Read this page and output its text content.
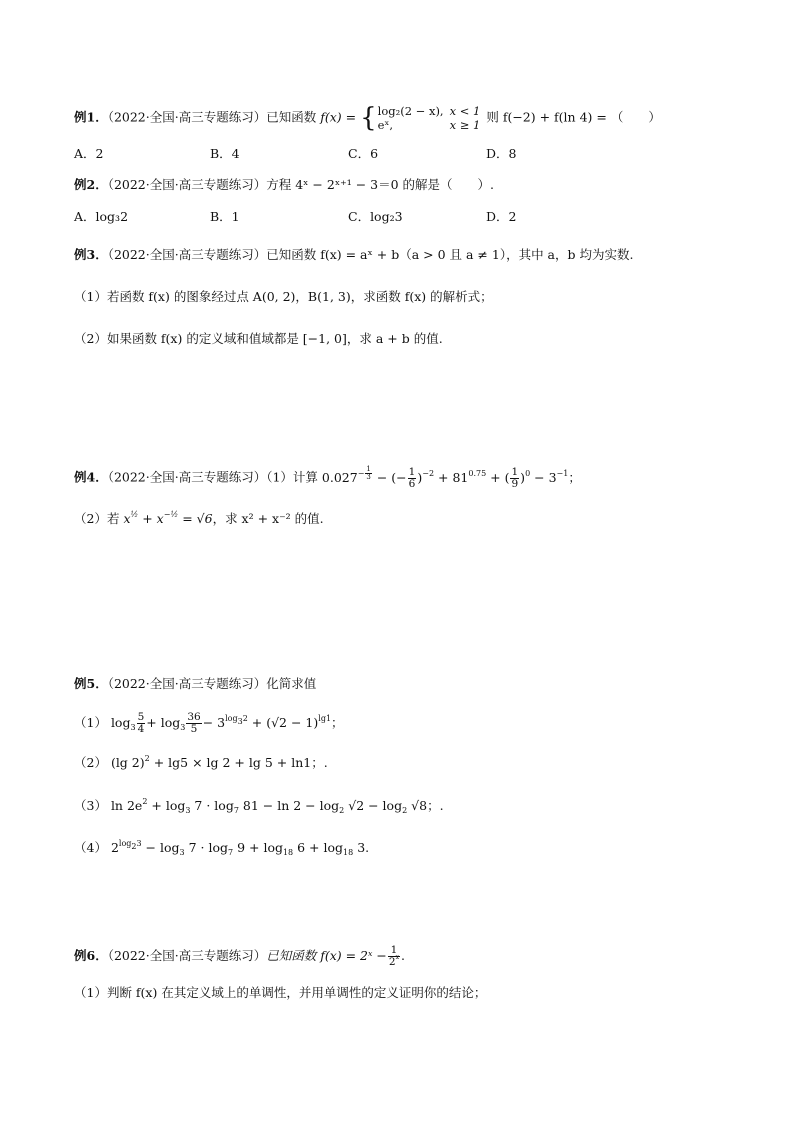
例1．（2022·全国·高三专题练习）已知函数 f(x) = { log₂(2 − x),	x < 1
eˣ,	x ≥ 1
则 f(−2) + f(ln 4) = （　　）
A．2	B．4	C．6	D．8
例2．（2022·全国·高三专题练习）方程 4ˣ − 2ˣ⁺¹ − 3＝0 的解是（　　）.
A．log₃2	B．1	C．log₂3	D．2
例3．（2022·全国·高三专题练习）已知函数 f(x) = aˣ + b（a > 0 且 a ≠ 1），其中 a，b 均为实数.
（1）若函数 f(x) 的图象经过点 A(0, 2)，B(1, 3)，求函数 f(x) 的解析式；
（2）如果函数 f(x) 的定义域和值域都是 [−1, 0]，求 a + b 的值.
例4．（2022·全国·高三专题练习）（1）计算 $0.027^{- \frac{1}{3}}$ − (− $\frac{1}{6} )^{-2} + 81^{0.75}$ + ( $\frac{1}{9} )^0 - 3^{-1}$；
（2）若 $x^{\frac{1}{2}} + x^{-\frac{1}{2}} = √6$，求 x² + x⁻² 的值.
例5．（2022·全国·高三专题练习）化简求值
（1） $\log_3 \frac{5}{4} + \log_3 \frac{36}{5} - 3^{log_32} + (√2 - 1)^{lg1}$；
（2） (lg 2)$^2$ + lg5 × lg 2 + lg 5 + ln1；.
（3） $\ln 2e^2 + \log_3 7 \cdot \log_7 81 - \ln 2 - \log_2 √2 - \log_2 √8$；.
（4） $2^{log_23} - \log_3 7 \cdot \log_7 9 + \log_{18} 6 + \log_{18} 3$.
例6．（2022·全国·高三专题练习）已知函数 f(x) = 2ˣ − $\frac{1}{2^x}$ .
（1）判断 f(x) 在其定义域上的单调性，并用单调性的定义证明你的结论；
